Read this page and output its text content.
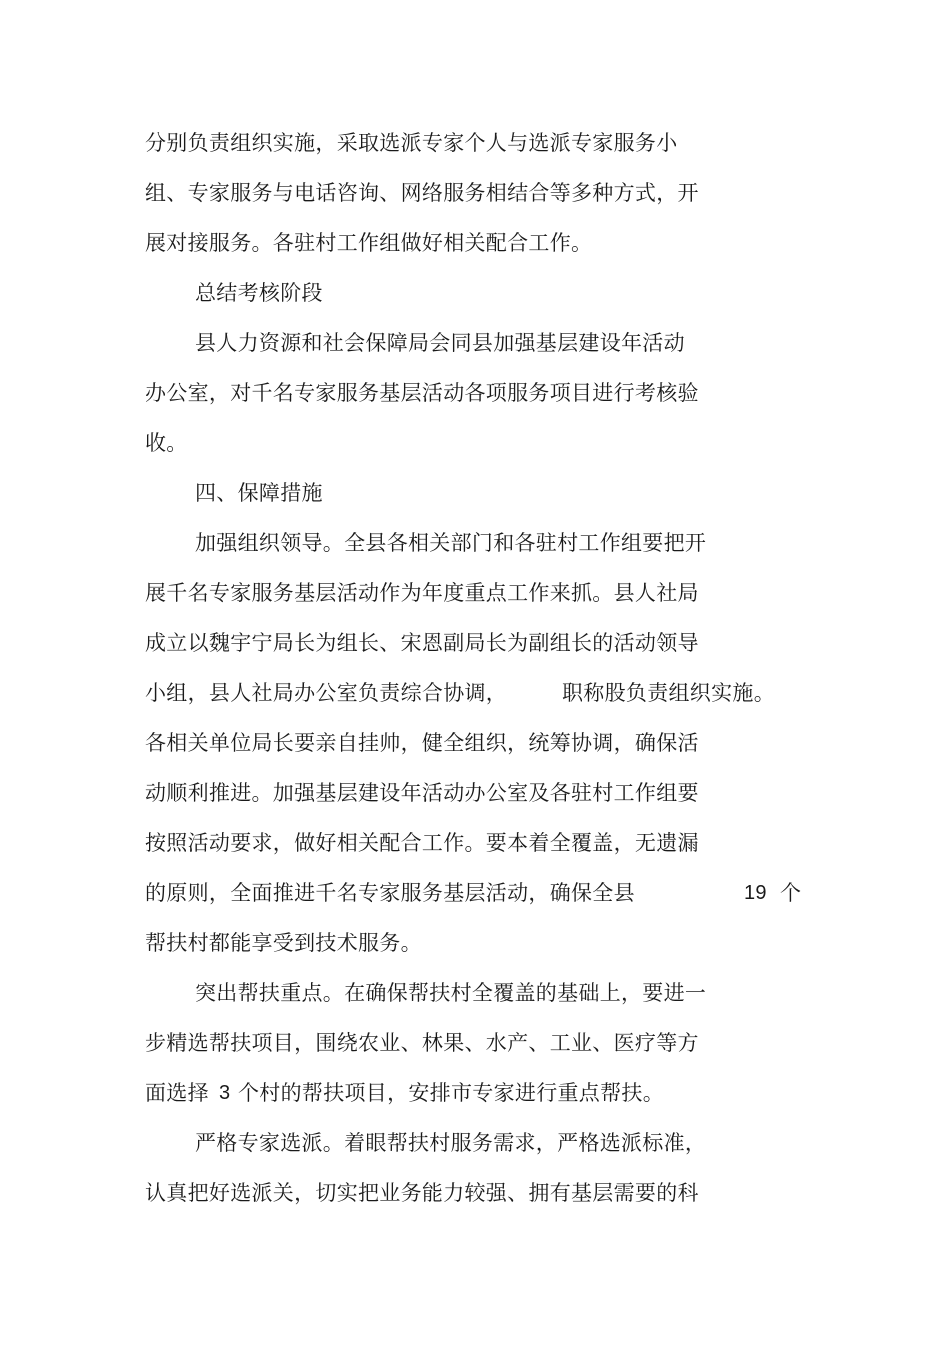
分别负责组织实施，采取选派专家个人与选派专家服务小
组、专家服务与电话咨询、网络服务相结合等多种方式，开
展对接服务。各驻村工作组做好相关配合工作。
总结考核阶段
县人力资源和社会保障局会同县加强基层建设年活动
办公室，对千名专家服务基层活动各项服务项目进行考核验
收。
四、保障措施
加强组织领导。全县各相关部门和各驻村工作组要把开
展千名专家服务基层活动作为年度重点工作来抓。县人社局
成立以魏宇宁局长为组长、宋恩副局长为副组长的活动领导
小组，县人社局办公室负责综合协调，	职称股负责组织实施。
各相关单位局长要亲自挂帅，健全组织，统筹协调，确保活
动顺利推进。加强基层建设年活动办公室及各驻村工作组要
按照活动要求，做好相关配合工作。要本着全覆盖，无遗漏
的原则，全面推进千名专家服务基层活动，确保全县	19 个
帮扶村都能享受到技术服务。
突出帮扶重点。在确保帮扶村全覆盖的基础上，要进一
步精选帮扶项目，围绕农业、林果、水产、工业、医疗等方
面选择 3 个村的帮扶项目，安排市专家进行重点帮扶。
严格专家选派。着眼帮扶村服务需求，严格选派标准，
认真把好选派关，切实把业务能力较强、拥有基层需要的科
